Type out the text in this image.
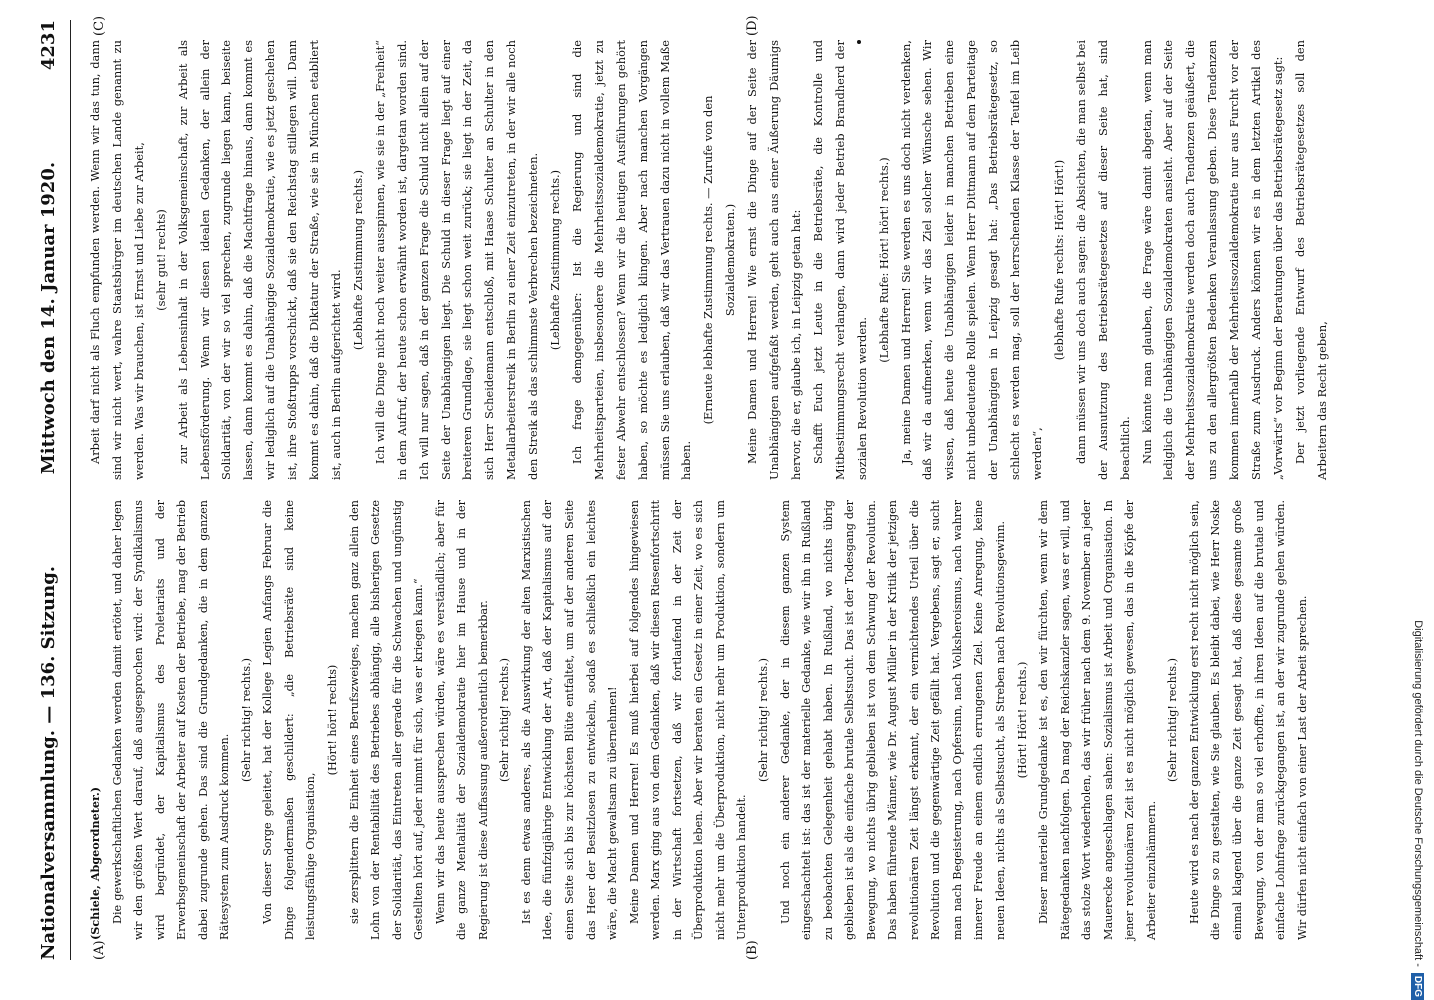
Nationalversammlung. — 136. Sitzung.
Mittwoch den 14. Januar 1920.
4231
(A)	(B)
(C)	(D)

(Schiele, Abgeordneter.) Die gewerkschaftlichen Gedanken werden damit ertötet, und daher legen wir den größten Wert darauf, daß ausgesprochen wird: der Syndikalismus wird begründet, der Kapitalismus des Proletariats und der Erwerbsgemeinschaft der Arbeiter auf Kosten der Betriebe, mag der Betrieb dabei zugrunde gehen. Das sind die Grundgedanken, die in dem ganzen Rätesystem zum Ausdruck kommen.

(Sehr richtig! rechts.) Von dieser Sorge geleitet, hat der Kollege Legien Anfangs Februar die Dinge folgendermaßen geschildert: „die Betriebsräte sind keine leistungsfähige Organisation,

(Hört! hört! rechts) sie zersplittern die Einheit eines Berufszweiges, machen ganz allein den Lohn von der Rentabilität des Betriebes abhängig, alle bisherigen Gesetze der Solidarität, das Eintreten aller gerade für die Schwachen und ungünstig Gestellten hört auf, jeder nimmt für sich, was er kriegen kann.“ Wenn wir das heute aussprechen würden, wäre es verständlich; aber für die ganze Mentalität der Sozialdemokratie hier im Hause und in der Regierung ist diese Auffassung außerordentlich bemerkbar. (Sehr richtig! rechts.) Ist es denn etwas anderes, als die Auswirkung der alten Marxistischen Idee, die fünfzigjährige Entwicklung der Art, daß der Kapitalismus auf der einen Seite sich bis zur höchsten Blüte entfaltet, um auf der anderen Seite das Heer der Besitzlosen zu entwickeln, sodaß es schließlich ein leichtes wäre, die Macht gewaltsam zu übernehmen! Meine Damen und Herren! Es muß hierbei auf folgendes hingewiesen werden. Marx ging aus von dem Gedanken, daß wir diesen Riesenfortschritt in der Wirtschaft fortsetzen, daß wir fortlaufend in der Zeit der Überproduktion leben. Aber wir beraten ein Gesetz in einer Zeit, wo es sich nicht mehr um die Überproduktion, nicht mehr um Produktion, sondern um Unterproduktion handelt.

(Sehr richtig! rechts.) Und noch ein anderer Gedanke, der in diesem ganzen System eingeschachtelt ist: das ist der materielle Gedanke, wie wir ihn in Rußland zu beobachten Gelegenheit gehabt haben. In Rußland, wo nichts übrig geblieben ist als die einfache brutale Selbstsucht. Das ist der Todesgang der Bewegung, wo nichts übrig geblieben ist von dem Schwung der Revolution. Das haben führende Männer, wie Dr. August Müller in der Kritik der jetzigen revolutionären Zeit längst erkannt, der ein vernichtendes Urteil über die Revolution und die gegenwärtige Zeit gefällt hat. Vergebens, sagt er, sucht man nach Begeisterung, nach Opfersinn, nach Volksheroismus, nach wahrer innerer Freude an einem endlich errungenen Ziel. Keine Anregung, keine neuen Ideen, nichts als Selbstsucht, als Streben nach Revolutionsgewinn. (Hört! Hört! rechts.) Dieser materielle Grundgedanke ist es, den wir fürchten, wenn wir dem Rätegedanken nachfolgen. Da mag der Reichskanzler sagen, was er will, und das stolze Wort wiederholen, das wir früher nach dem 9. November an jeder Mauerecke angeschlagen sahen: Sozialismus ist Arbeit und Organisation. In jener revolutionären Zeit ist es nicht möglich gewesen, das in die Köpfe der Arbeiter einzuhämmern.

(Sehr richtig! rechts.) Heute wird es nach der ganzen Entwicklung erst recht nicht möglich sein, die Dinge so zu gestalten, wie Sie glauben. Es bleibt dabei, wie Herr Noske einmal klagend über die ganze Zeit gesagt hat, daß diese gesamte große Bewegung, von der man so viel erhoffte, in ihren Ideen auf die brutale und einfache Lohnfrage zurückgegangen ist, an der wir zugrunde gehen würden. Wir dürfen nicht einfach von einer Last der Arbeit sprechen.

Arbeit darf nicht als Fluch empfunden werden. Wenn wir das tun, dann sind wir nicht wert, wahre Staatsbürger im deutschen Lande genannt zu werden. Was wir brauchen, ist Ernst und Liebe zur Arbeit, (sehr gut! rechts) zur Arbeit als Lebensinhalt in der Volksgemeinschaft, zur Arbeit als Lebensförderung. Wenn wir diesen idealen Gedanken, der allein der Solidarität, von der wir so viel sprechen, zugrunde liegen kann, beiseite lassen, dann kommt es dahin, daß die Machtfrage hinaus, dann kommt es wir lediglich auf die Unabhängige Sozialdemokratie, wie es jetzt geschehen ist, ihre Stoßtrupps vorschickt, daß sie den Reichstag stillegen will. Dann kommt es dahin, daß die Diktatur der Straße, wie sie in München etabliert ist, auch in Berlin aufgerichtet wird.

(Lebhafte Zustimmung rechts.) Ich will die Dinge nicht noch weiter ausspinnen, wie sie in der „Freiheit“ in dem Aufruf, der heute schon erwähnt worden ist, dargetan worden sind. Ich will nur sagen, daß in der ganzen Frage die Schuld nicht allein auf der Seite der Unabhängigen liegt. Die Schuld in dieser Frage liegt auf einer breiteren Grundlage, sie liegt schon weit zurück; sie liegt in der Zeit, da sich Herr Scheidemann entschloß, mit Haase Schulter an Schulter in den Metallarbeiterstreik in Berlin zu einer Zeit einzutreten, in der wir alle noch den Streik als das schlimmste Verbrechen bezeichneten. (Lebhafte Zustimmung rechts.) Ich frage demgegenüber: Ist die Regierung und sind die Mehrheitsparteien, insbesondere die Mehrheitssozialdemokratie, jetzt zu fester Abwehr entschlossen? Wenn wir die heutigen Ausführungen gehört haben, so möchte es lediglich klingen. Aber nach manchen Vorgängen müssen Sie uns erlauben, daß wir das Vertrauen dazu nicht in vollem Maße haben.

(Erneute lebhafte Zustimmung rechts. — Zurufe von den Sozialdemokraten.) Meine Damen und Herren! Wie ernst die Dinge auf der Seite der Unabhängigen aufgefaßt werden, geht auch aus einer Äußerung Däumigs hervor, die er, glaube ich, in Leipzig getan hat: Schafft Euch jetzt Leute in die Betriebsräte, die Kontrolle und Mitbestimmungsrecht verlangen, dann wird jeder Betrieb Brandherd der sozialen Revolution werden.

(Lebhafte Rufe: Hört! hört! rechts.) Ja, meine Damen und Herren! Sie werden es uns doch nicht verdenken, daß wir da aufmerken, wenn wir das Ziel solcher Wünsche sehen. Wir wissen, daß heute die Unabhängigen leider in manchen Betrieben eine nicht unbedeutende Rolle spielen. Wenn Herr Dittmann auf dem Parteitage der Unabhängigen in Leipzig gesagt hat: „Das Betriebsrätegesetz, so schlecht es werden mag, soll der herrschenden Klasse der Teufel im Leib werden“,

(lebhafte Rufe rechts: Hört! Hört!) dann müssen wir uns doch auch sagen: die Absichten, die man selbst bei der Ausnutzung des Betriebsrätegesetzes auf dieser Seite hat, sind beachtlich. Nun könnte man glauben, die Frage wäre damit abgetan, wenn man lediglich die Unabhängigen Sozialdemokraten ansieht. Aber auf der Seite der Mehrheitssozialdemokratie werden doch auch Tendenzen geäußert, die uns zu den allergrößten Bedenken Veranlassung geben. Diese Tendenzen kommen innerhalb der Mehrheitssozialdemokratie nur aus Furcht vor der Straße zum Ausdruck. Anders können wir es in dem letzten Artikel des „Vorwärts“ vor Beginn der Beratungen über das Betriebsrätegesetz sagt: Der jetzt vorliegende Entwurf des Betriebsrätegesetzes soll den Arbeitern das Recht geben,

Digitalisierung gefördert durch die Deutsche Forschungsgemeinschaft -
DFG
